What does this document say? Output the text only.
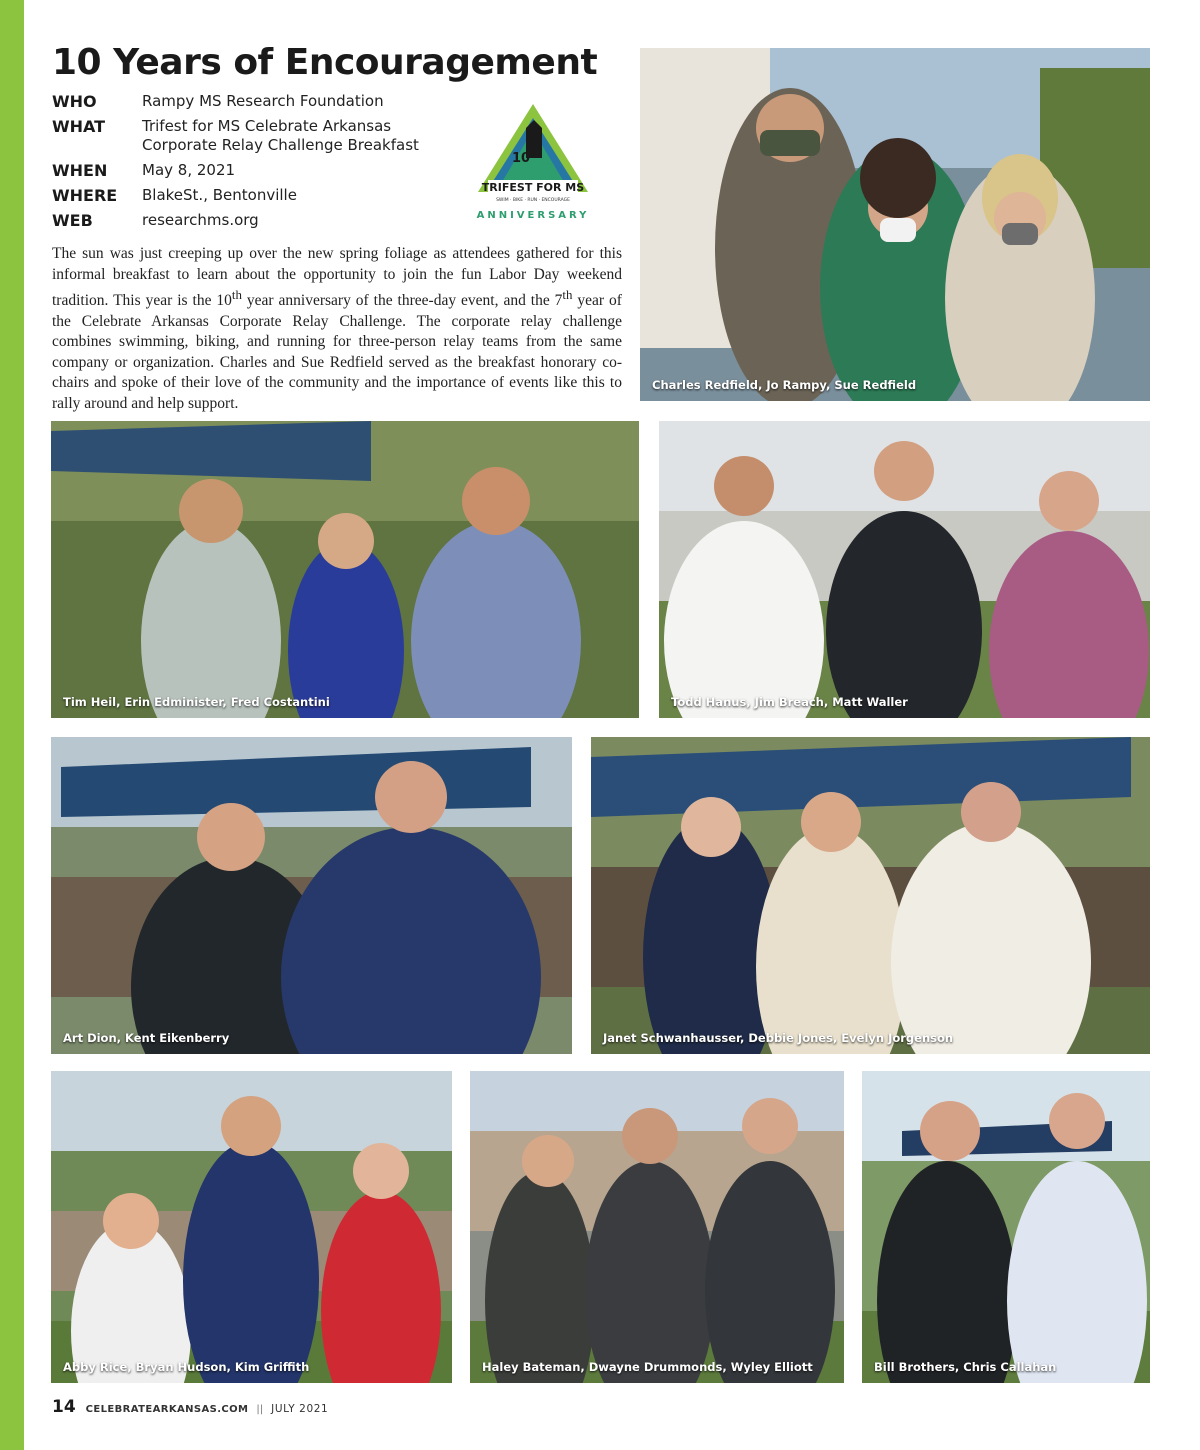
10 Years of Encouragement
WHO	Rampy MS Research Foundation
WHAT	Trifest for MS Celebrate Arkansas
Corporate Relay Challenge Breakfast
WHEN	May 8, 2021
WHERE	BlakeSt., Bentonville
WEB	researchms.org
10
TRIFEST FOR MS
SWIM · BIKE · RUN · ENCOURAGE
ANNIVERSARY

The sun was just creeping up over the new spring foliage as attendees gathered for this informal breakfast to learn about the opportunity to join the fun Labor Day weekend tradition. This year is the 10th year anniversary of the three-day event, and the 7th year of the Celebrate Arkansas Corporate Relay Challenge. The corporate relay challenge combines swimming, biking, and running for three-person relay teams from the same company or organization. Charles and Sue Redfield served as the breakfast honorary co-chairs and spoke of their love of the community and the importance of events like this to rally around and help support.

Charles Redfield, Jo Rampy, Sue Redfield
Tim Heil, Erin Edminister, Fred Costantini	Todd Hanus, Jim Breach, Matt Waller
Art Dion, Kent Eikenberry	Janet Schwanhausser, Debbie Jones, Evelyn Jorgenson
Abby Rice, Bryan Hudson, Kim Griffith	Haley Bateman, Dwayne Drummonds, Wyley Elliott	Bill Brothers, Chris Callahan
14 CELEBRATEARKANSAS.COM || JULY 2021
